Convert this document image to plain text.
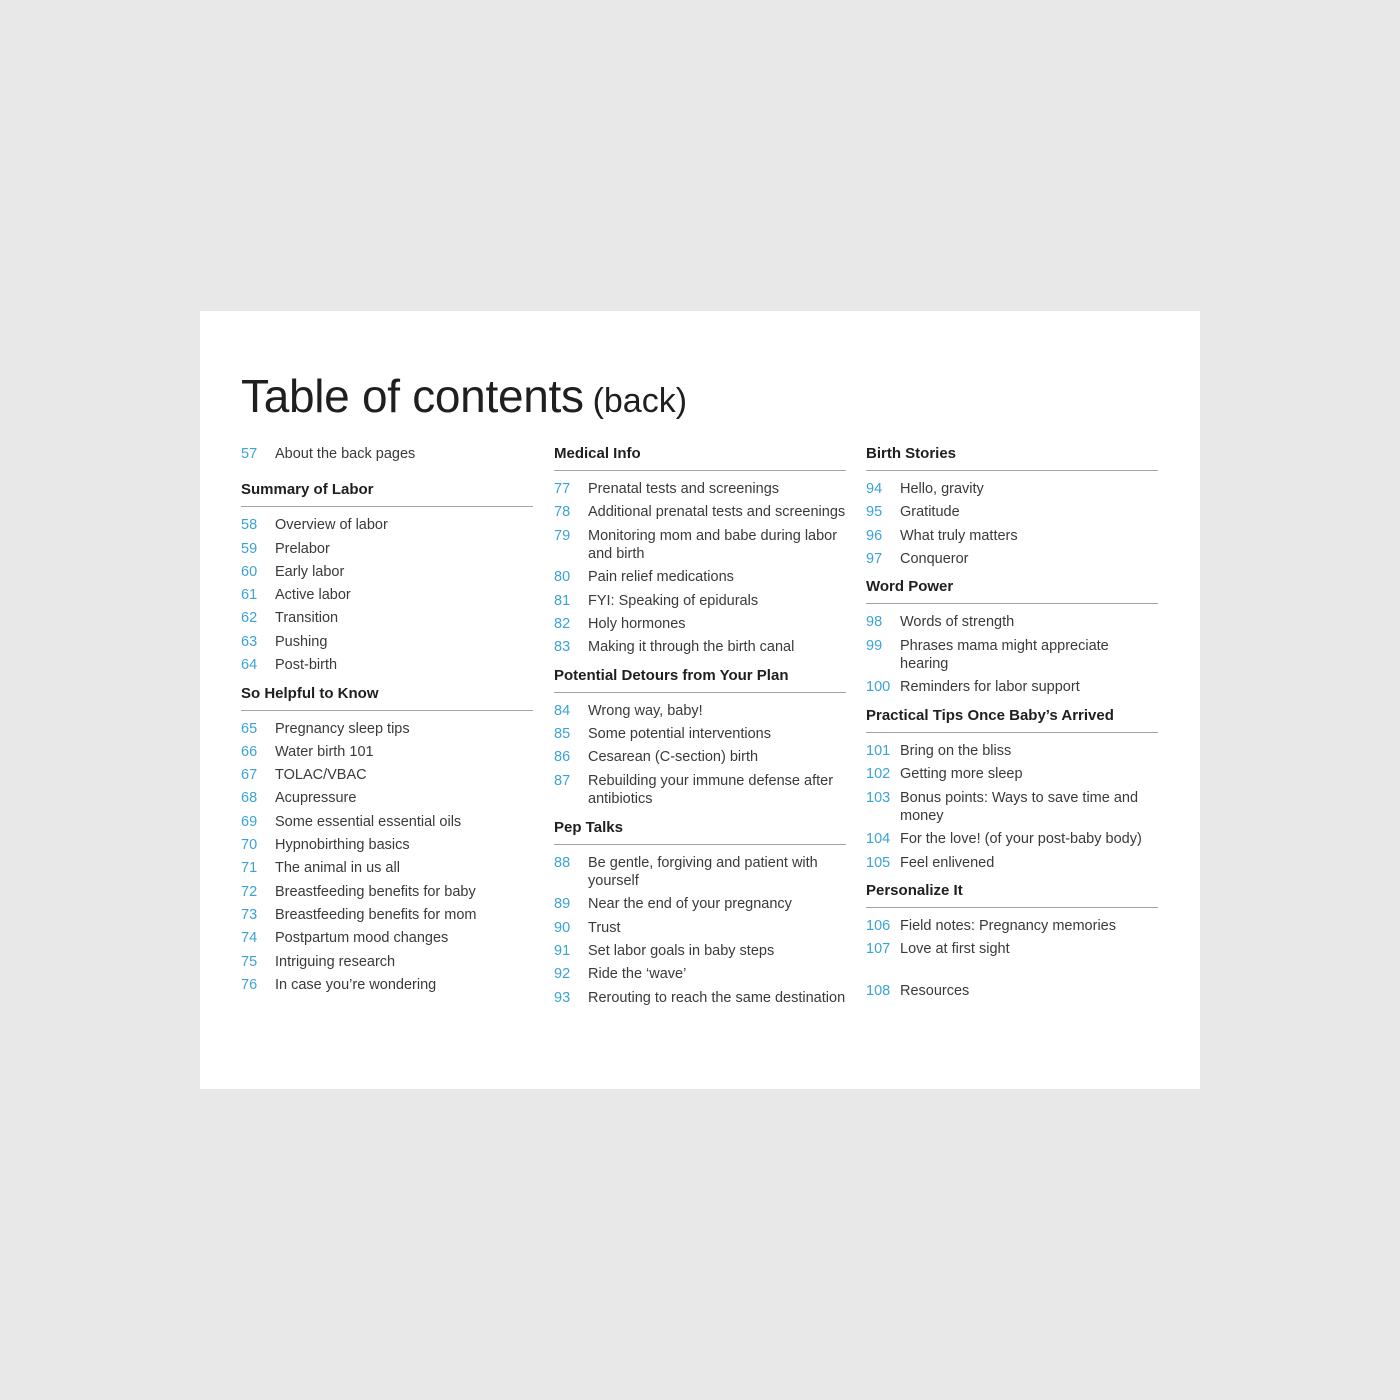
Table of contents (back)
57	About the back pages
Summary of Labor
58	Overview of labor
59	Prelabor
60	Early labor
61	Active labor
62	Transition
63	Pushing
64	Post-birth
So Helpful to Know
65	Pregnancy sleep tips
66	Water birth 101
67	TOLAC/VBAC
68	Acupressure
69	Some essential essential oils
70	Hypnobirthing basics
71	The animal in us all
72	Breastfeeding benefits for baby
73	Breastfeeding benefits for mom
74	Postpartum mood changes
75	Intriguing research
76	In case you’re wondering
Medical Info
77	Prenatal tests and screenings
78	Additional prenatal tests and screenings
79	Monitoring mom and babe during labor and birth
80	Pain relief medications
81	FYI: Speaking of epidurals
82	Holy hormones
83	Making it through the birth canal
Potential Detours from Your Plan
84	Wrong way, baby!
85	Some potential interventions
86	Cesarean (C-section) birth
87	Rebuilding your immune defense after antibiotics
Pep Talks
88	Be gentle, forgiving and patient with yourself
89	Near the end of your pregnancy
90	Trust
91	Set labor goals in baby steps
92	Ride the ‘wave’
93	Rerouting to reach the same destination
Birth Stories
94	Hello, gravity
95	Gratitude
96	What truly matters
97	Conqueror
Word Power
98	Words of strength
99	Phrases mama might appreciate hearing
100 Reminders for labor support
Practical Tips Once Baby’s Arrived
101 Bring on the bliss
102 Getting more sleep
103 Bonus points: Ways to save time and money
104 For the love! (of your post-baby body)
105 Feel enlivened
Personalize It
106 Field notes: Pregnancy memories
107 Love at first sight
108 Resources
